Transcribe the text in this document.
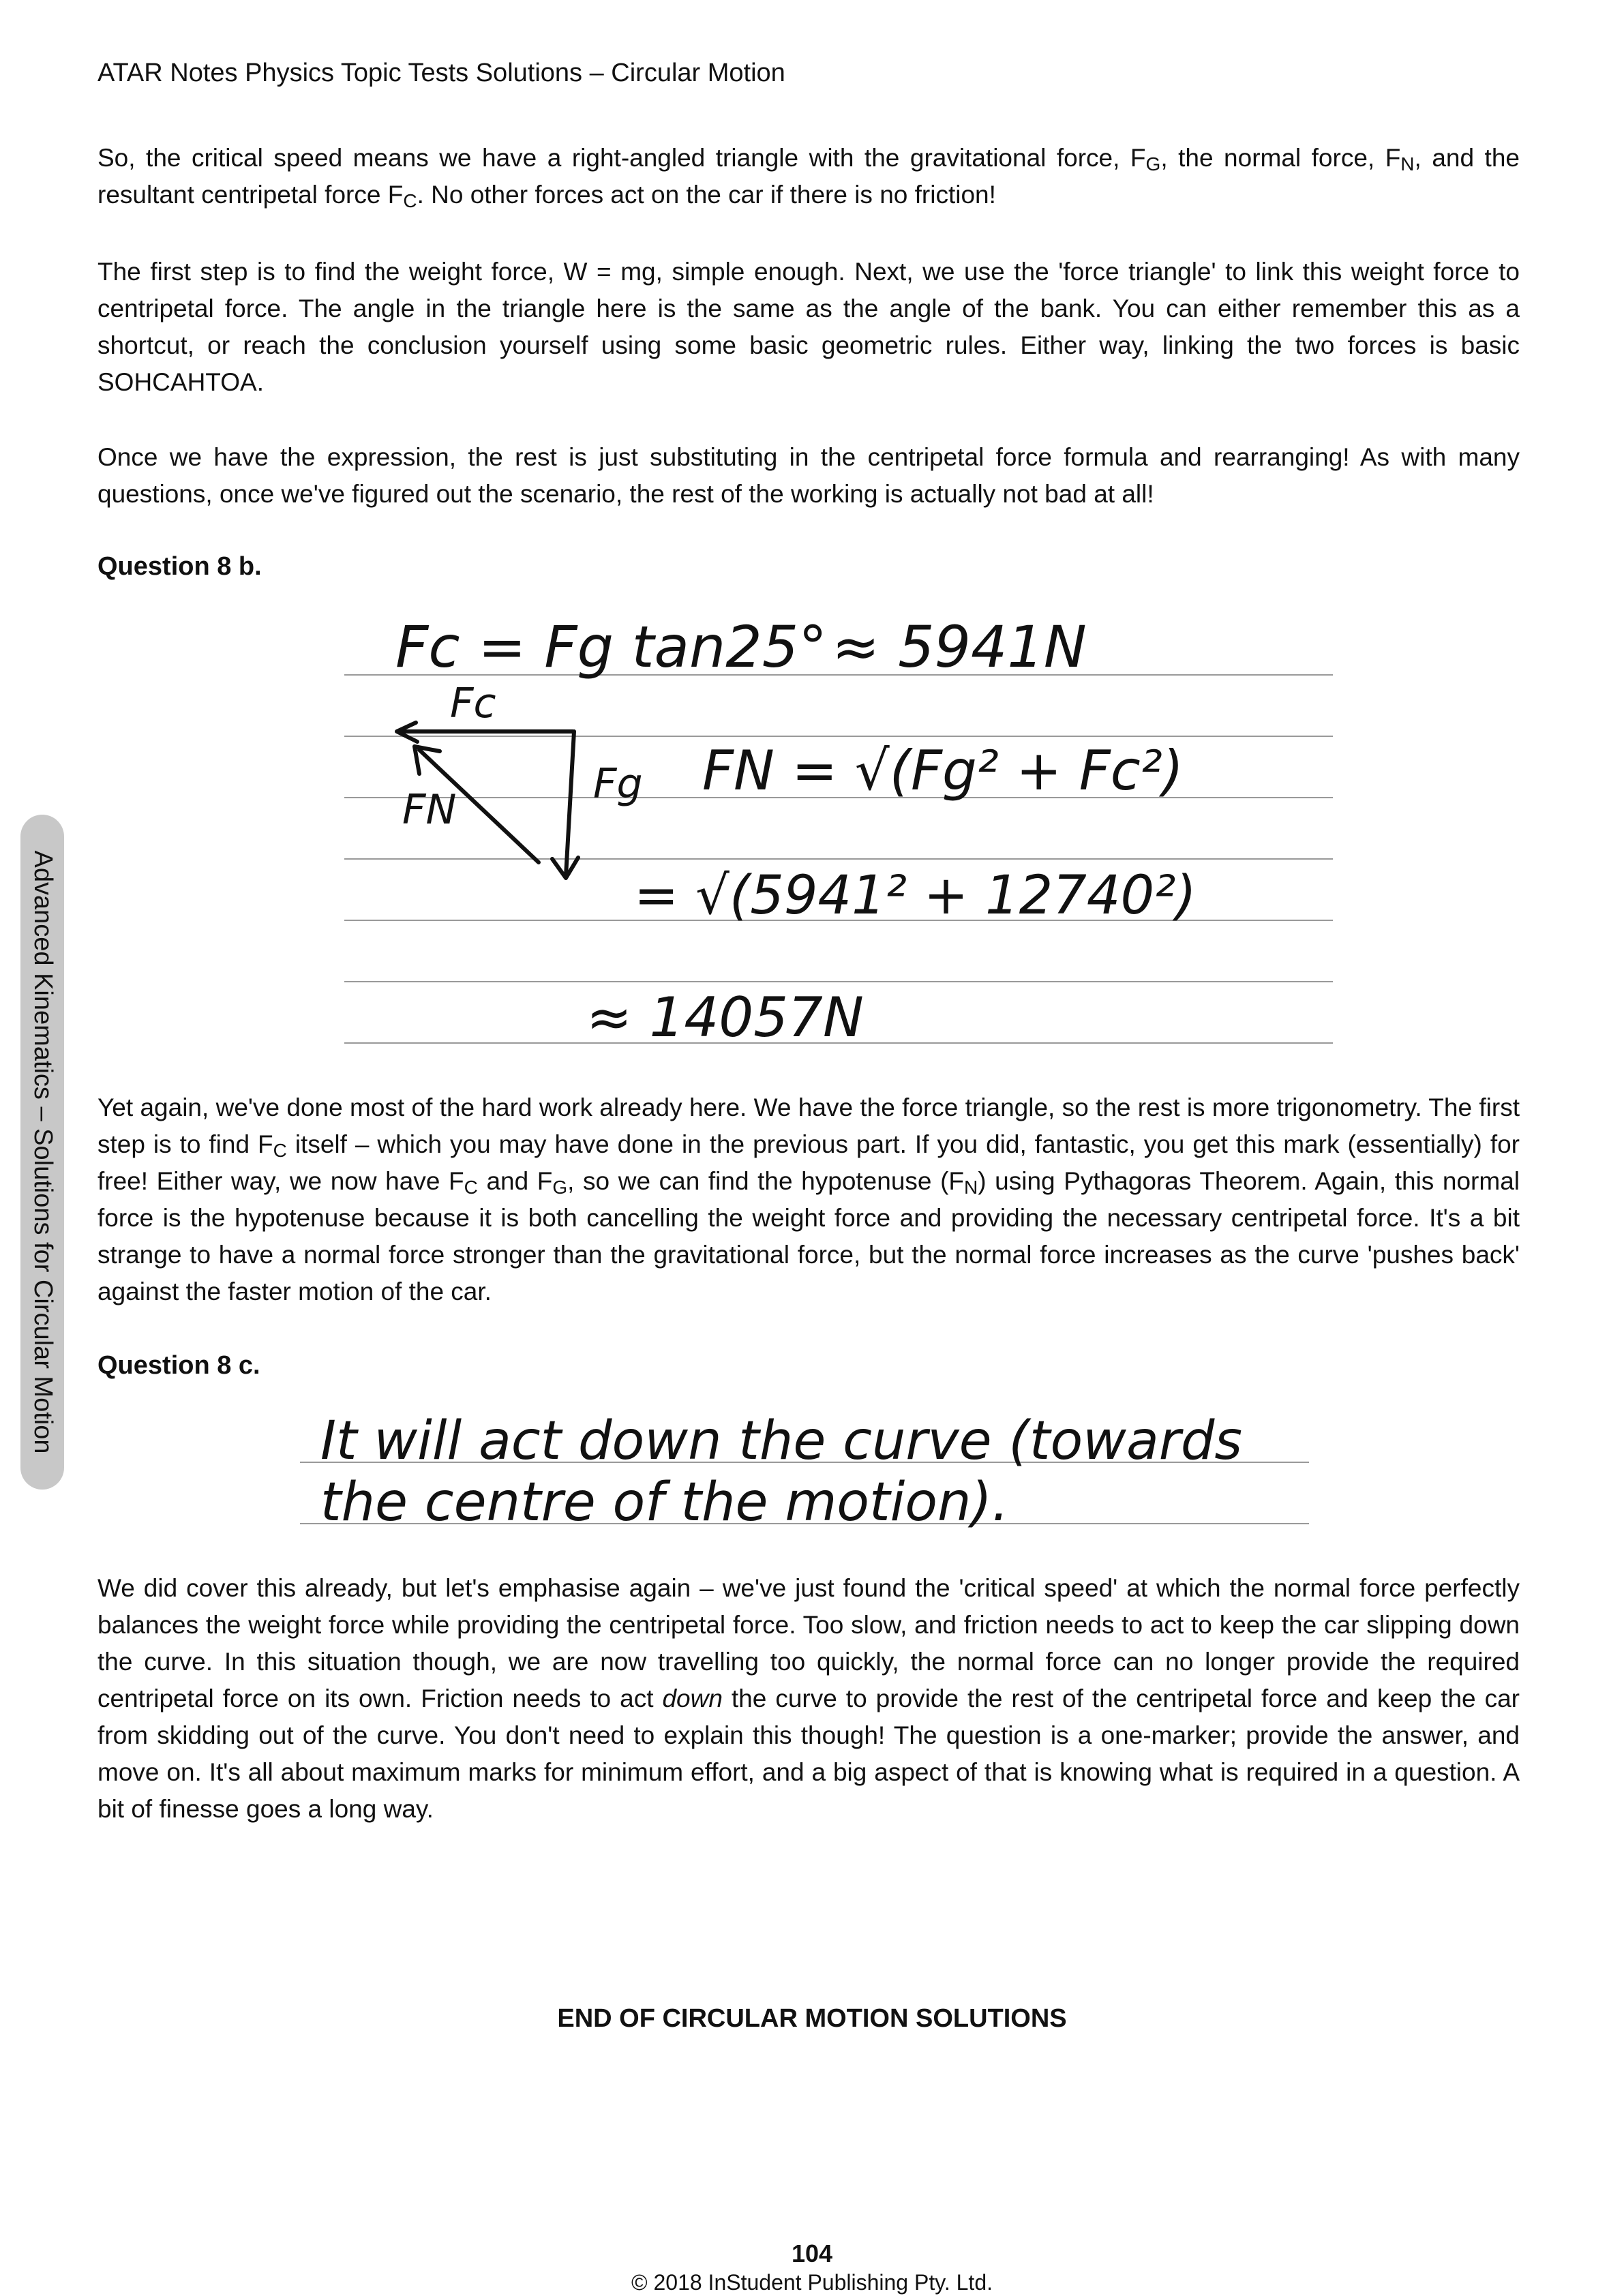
ATAR Notes Physics Topic Tests Solutions – Circular Motion
Advanced Kinematics – Solutions for Circular Motion

So, the critical speed means we have a right-angled triangle with the gravitational force, $F_G$, the normal force, $F_N$, and the resultant centripetal force $F_C$. No other forces act on the car if there is no friction!

The first step is to find the weight force, W = mg, simple enough. Next, we use the 'force triangle' to link this weight force to centripetal force. The angle in the triangle here is the same as the angle of the bank. You can either remember this as a shortcut, or reach the conclusion yourself using some basic geometric rules. Either way, linking the two forces is basic SOHCAHTOA.

Once we have the expression, the rest is just substituting in the centripetal force formula and rearranging! As with many questions, once we've figured out the scenario, the rest of the working is actually not bad at all!

Question 8 b.
Fc = Fg tan25° ≈ 5941N
Fc
FN
Fg FN = √(Fg² + Fc²)
= √(5941² + 12740²)
≈ 14057N

Yet again, we've done most of the hard work already here. We have the force triangle, so the rest is more trigonometry. The first step is to find $F_C$ itself – which you may have done in the previous part. If you did, fantastic, you get this mark (essentially) for free! Either way, we now have $F_C$ and $F_G$, so we can find the hypotenuse $(F_N)$ using Pythagoras Theorem. Again, this normal force is the hypotenuse because it is both cancelling the weight force and providing the necessary centripetal force. It's a bit strange to have a normal force stronger than the gravitational force, but the normal force increases as the curve 'pushes back' against the faster motion of the car.

Question 8 c.
It will act down the curve (towards
the centre of the motion).

We did cover this already, but let's emphasise again – we've just found the 'critical speed' at which the normal force perfectly balances the weight force while providing the centripetal force. Too slow, and friction needs to act to keep the car slipping down the curve. In this situation though, we are now travelling too quickly, the normal force can no longer provide the required centripetal force on its own. Friction needs to act down the curve to provide the rest of the centripetal force and keep the car from skidding out of the curve. You don't need to explain this though! The question is a one-marker; provide the answer, and move on. It's all about maximum marks for minimum effort, and a big aspect of that is knowing what is required in a question. A bit of finesse goes a long way.

END OF CIRCULAR MOTION SOLUTIONS
104
© 2018 InStudent Publishing Pty. Ltd.
